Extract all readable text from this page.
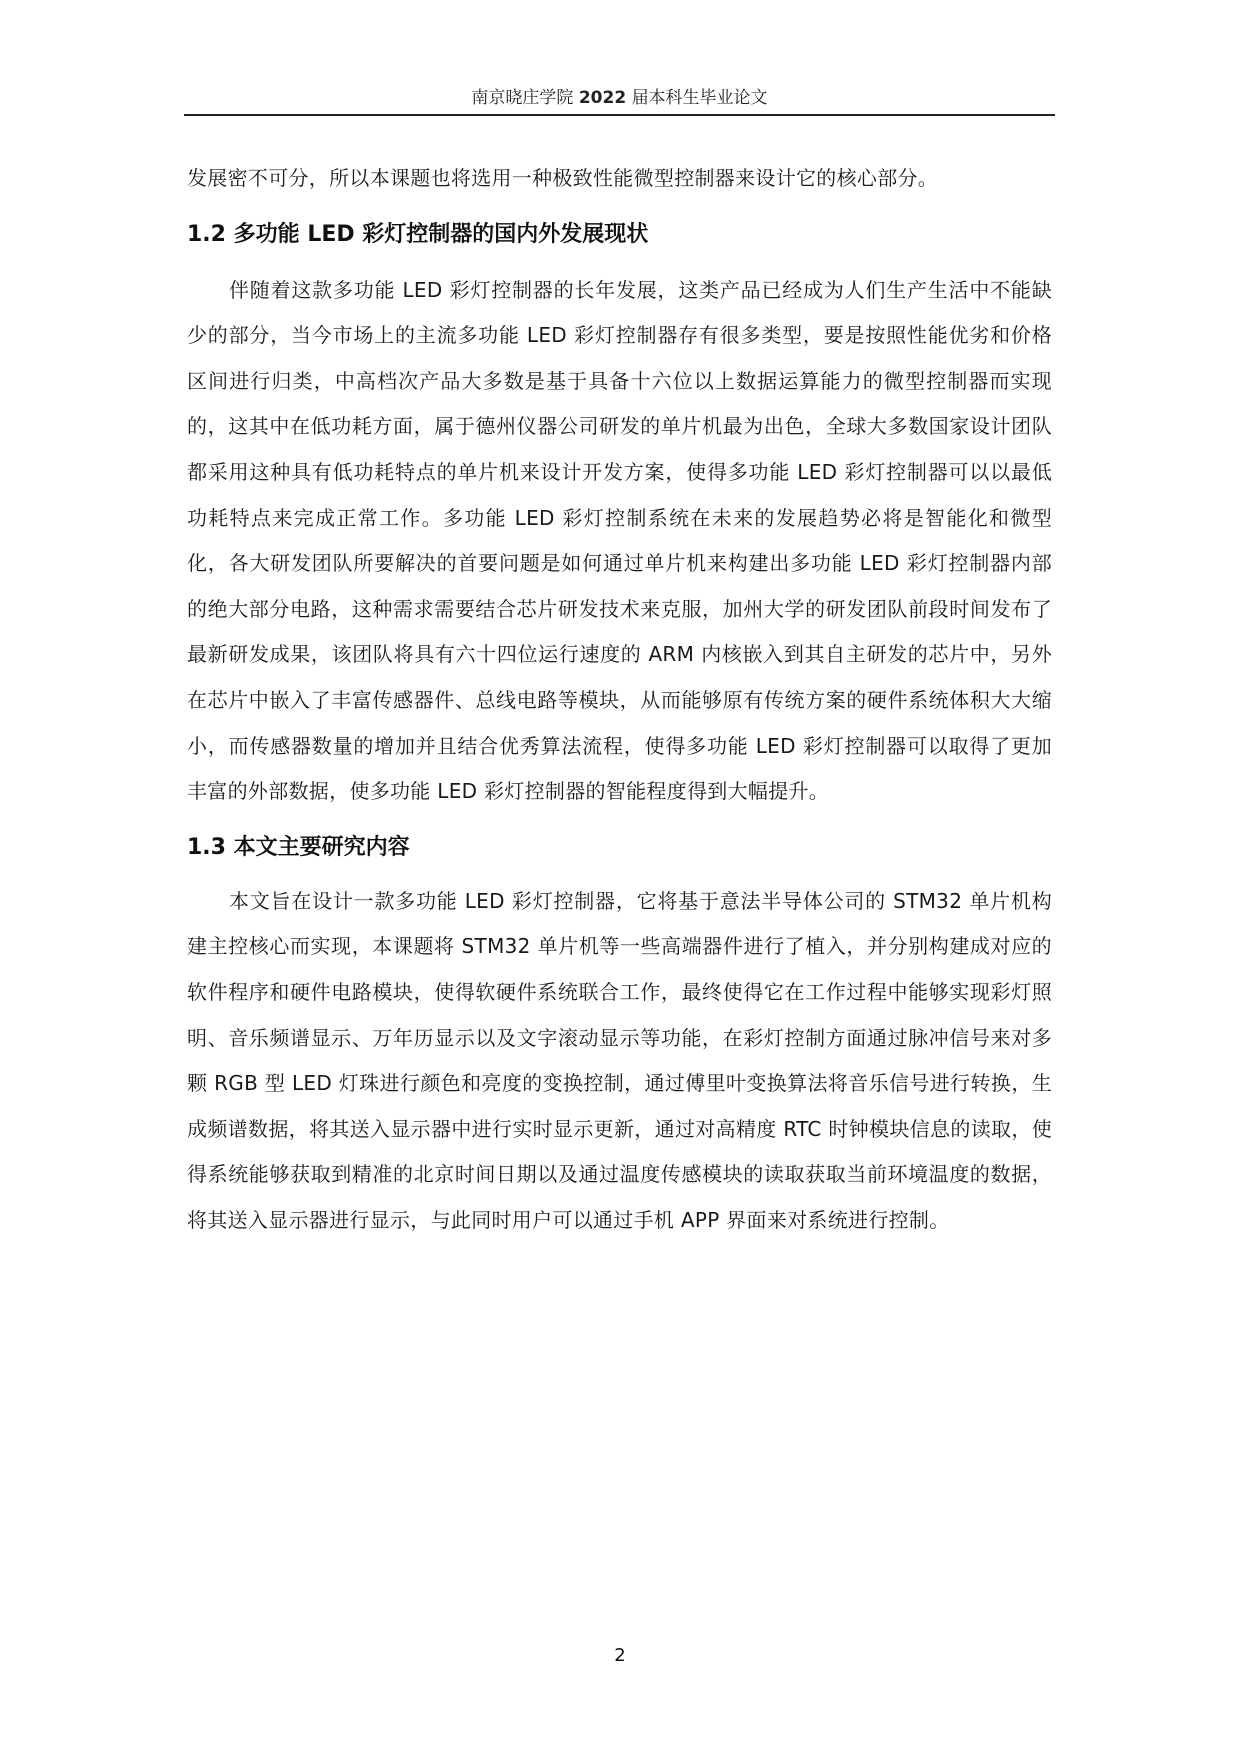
南京晓庄学院 2022 届本科生毕业论文

发展密不可分，所以本课题也将选用一种极致性能微型控制器来设计它的核心部分。

1.2 多功能 LED 彩灯控制器的国内外发展现状

伴随着这款多功能 LED 彩灯控制器的长年发展，这类产品已经成为人们生产生活中不能缺少的部分，当今市场上的主流多功能 LED 彩灯控制器存有很多类型，要是按照性能优劣和价格区间进行归类，中高档次产品大多数是基于具备十六位以上数据运算能力的微型控制器而实现的，这其中在低功耗方面，属于德州仪器公司研发的单片机最为出色，全球大多数国家设计团队都采用这种具有低功耗特点的单片机来设计开发方案，使得多功能 LED 彩灯控制器可以以最低功耗特点来完成正常工作。多功能 LED 彩灯控制系统在未来的发展趋势必将是智能化和微型化，各大研发团队所要解决的首要问题是如何通过单片机来构建出多功能 LED 彩灯控制器内部的绝大部分电路，这种需求需要结合芯片研发技术来克服，加州大学的研发团队前段时间发布了最新研发成果，该团队将具有六十四位运行速度的 ARM 内核嵌入到其自主研发的芯片中，另外在芯片中嵌入了丰富传感器件、总线电路等模块，从而能够原有传统方案的硬件系统体积大大缩小，而传感器数量的增加并且结合优秀算法流程，使得多功能 LED 彩灯控制器可以取得了更加丰富的外部数据，使多功能 LED 彩灯控制器的智能程度得到大幅提升。

1.3 本文主要研究内容

本文旨在设计一款多功能 LED 彩灯控制器，它将基于意法半导体公司的 STM32 单片机构建主控核心而实现，本课题将 STM32 单片机等一些高端器件进行了植入，并分别构建成对应的软件程序和硬件电路模块，使得软硬件系统联合工作，最终使得它在工作过程中能够实现彩灯照明、音乐频谱显示、万年历显示以及文字滚动显示等功能，在彩灯控制方面通过脉冲信号来对多颗 RGB 型 LED 灯珠进行颜色和亮度的变换控制，通过傅里叶变换算法将音乐信号进行转换，生成频谱数据，将其送入显示器中进行实时显示更新，通过对高精度 RTC 时钟模块信息的读取，使得系统能够获取到精准的北京时间日期以及通过温度传感模块的读取获取当前环境温度的数据，将其送入显示器进行显示，与此同时用户可以通过手机 APP 界面来对系统进行控制。

2
